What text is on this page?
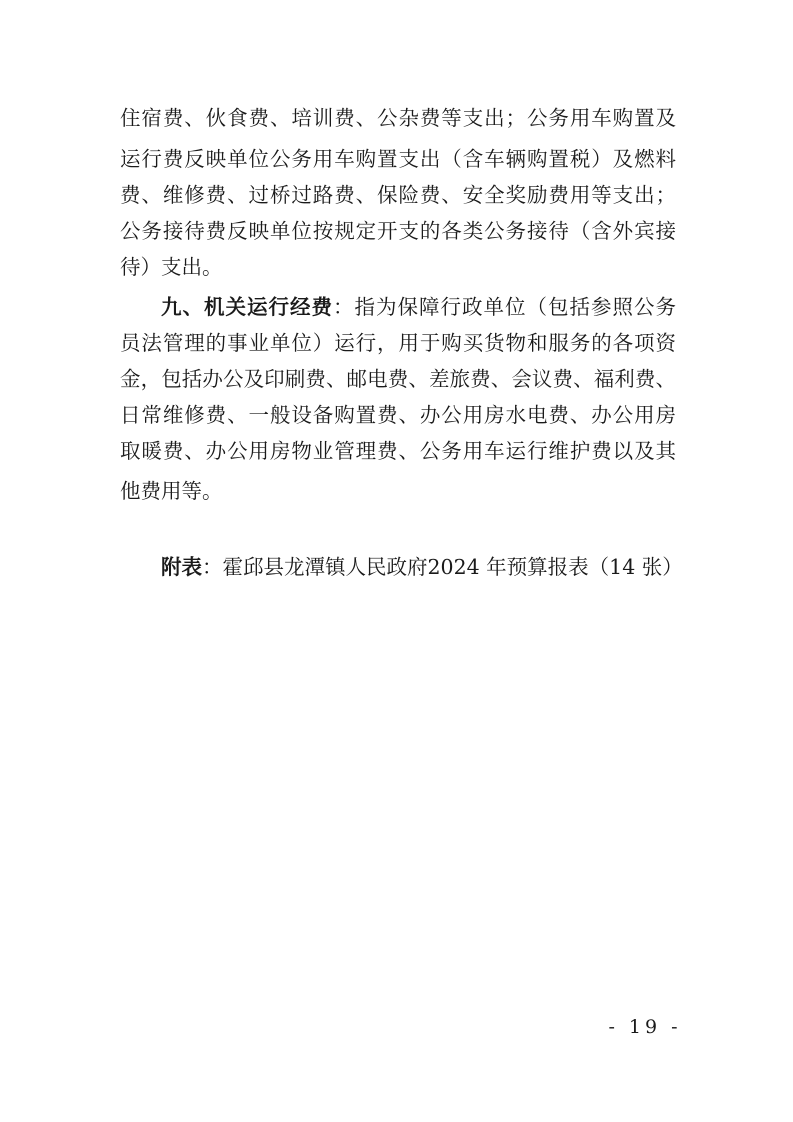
住宿费、伙食费、培训费、公杂费等支出；公务用车购置及
运行费反映单位公务用车购置支出（含车辆购置税）及燃料
费、维修费、过桥过路费、保险费、安全奖励费用等支出；
公务接待费反映单位按规定开支的各类公务接待（含外宾接
待）支出。
九、机关运行经费：指为保障行政单位（包括参照公务
员法管理的事业单位）运行，用于购买货物和服务的各项资
金，包括办公及印刷费、邮电费、差旅费、会议费、福利费、
日常维修费、一般设备购置费、办公用房水电费、办公用房
取暖费、办公用房物业管理费、公务用车运行维护费以及其
他费用等。
附表：霍邱县龙潭镇人民政府2024 年预算报表（14 张）
- 19 -
